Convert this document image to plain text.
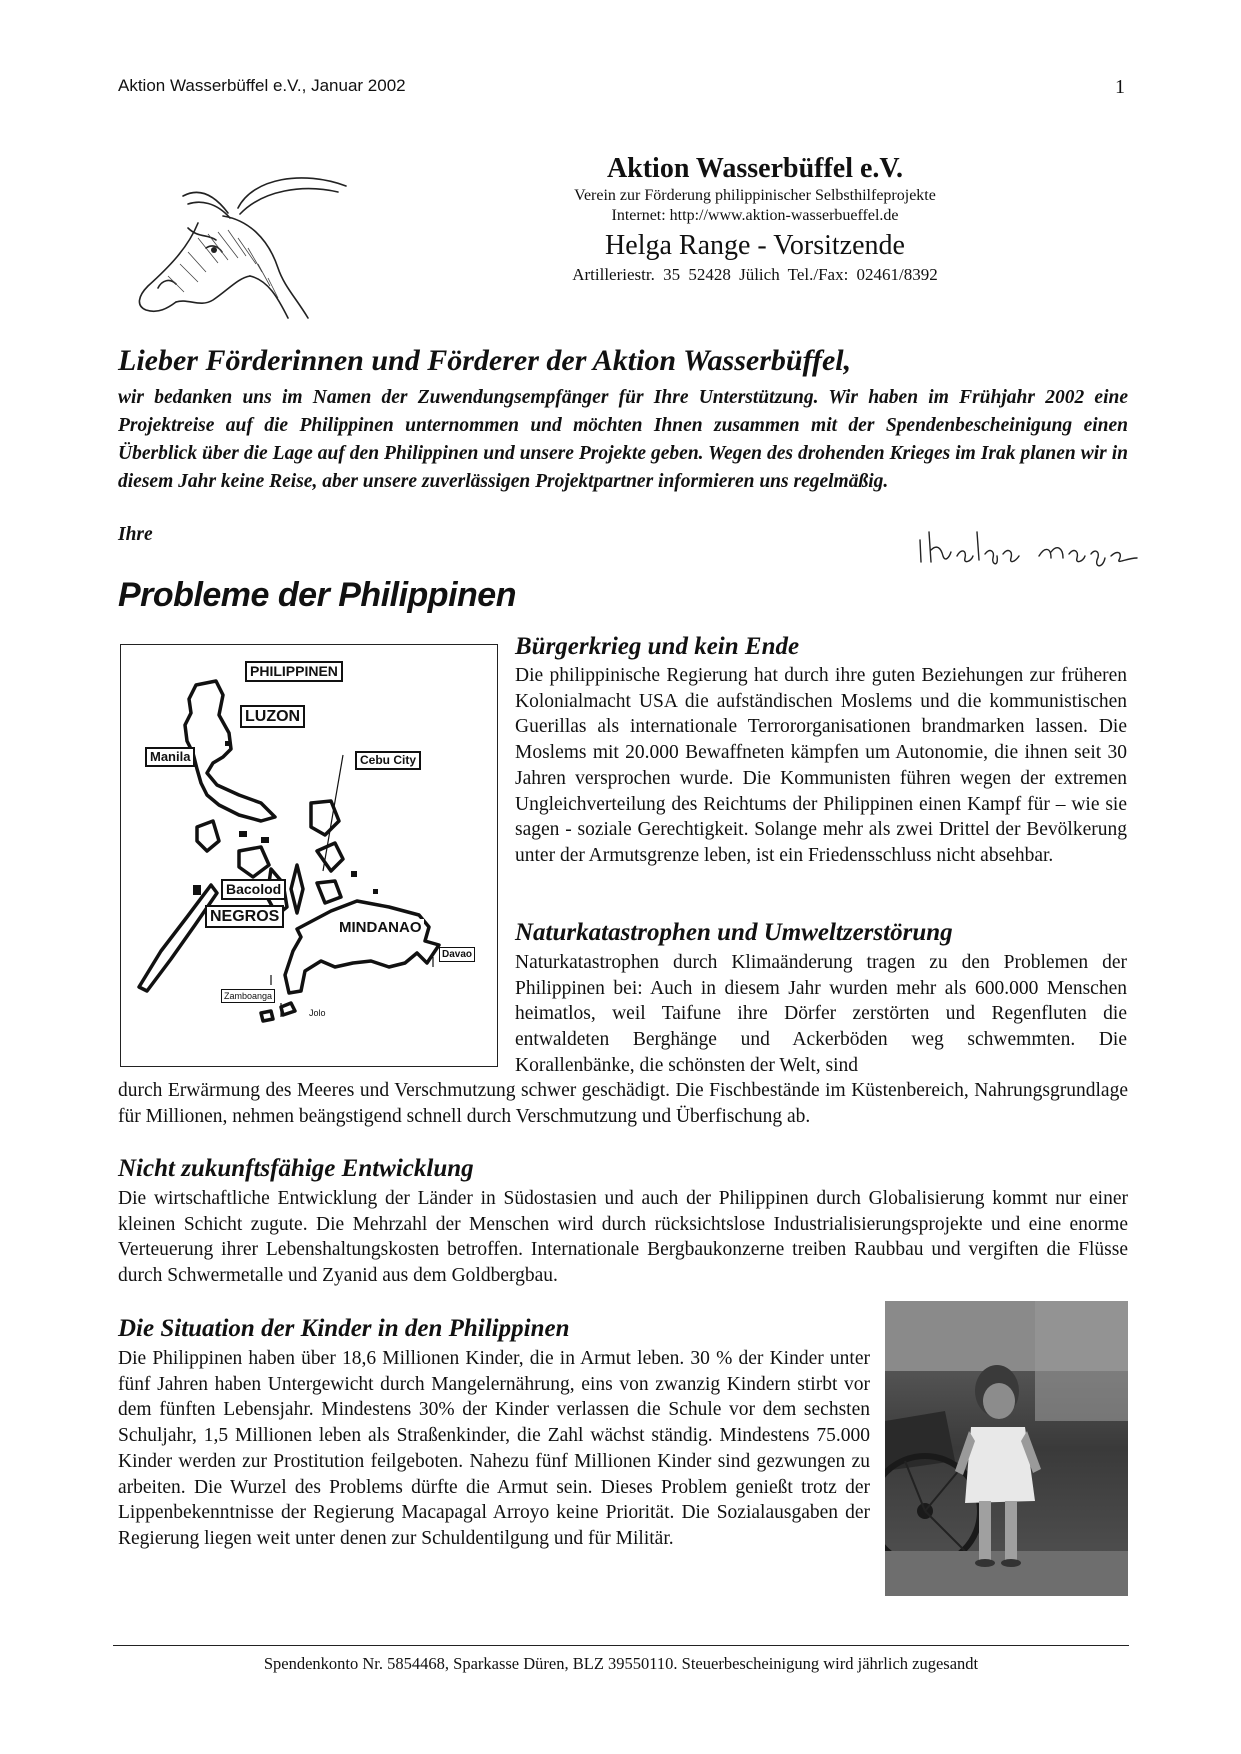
Aktion Wasserbüffel e.V., Januar 2002	1
Aktion Wasserbüffel e.V.
Verein zur Förderung philippinischer Selbsthilfeprojekte
Internet: http://www.aktion-wasserbueffel.de
Helga Range - Vorsitzende
Artilleriestr. 35 52428 Jülich Tel./Fax: 02461/8392
Lieber Förderinnen und Förderer der Aktion Wasserbüffel,
wir bedanken uns im Namen der Zuwendungsempfänger für Ihre Unterstützung. Wir haben im Frühjahr 2002 eine Projektreise auf die Philippinen unternommen und möchten Ihnen zusammen mit der Spendenbescheinigung einen Überblick über die Lage auf den Philippinen und unsere Projekte geben. Wegen des drohenden Krieges im Irak planen wir in diesem Jahr keine Reise, aber unsere zuverlässigen Projektpartner informieren uns regelmäßig.
Ihre
Probleme der Philippinen
PHILIPPINEN
LUZON
Manila	Cebu City
Bacolod
NEGROS
MINDANAO
Davao
Zamboanga
Jolo
Bürgerkrieg und kein Ende
Die philippinische Regierung hat durch ihre guten Beziehungen zur früheren Kolonialmacht USA die aufständischen Moslems und die kommunistischen Guerillas als internationale Terrororganisationen brandmarken lassen. Die Moslems mit 20.000 Bewaffneten kämpfen um Autonomie, die ihnen seit 30 Jahren versprochen wurde. Die Kommunisten führen wegen der extremen Ungleichverteilung des Reichtums der Philippinen einen Kampf für – wie sie sagen - soziale Gerechtigkeit. Solange mehr als zwei Drittel der Bevölkerung unter der Armutsgrenze leben, ist ein Friedensschluss nicht absehbar.
Naturkatastrophen und Umweltzerstörung
Naturkatastrophen durch Klimaänderung tragen zu den Problemen der Philippinen bei: Auch in diesem Jahr wurden mehr als 600.000 Menschen heimatlos, weil Taifune ihre Dörfer zerstörten und Regenfluten die entwaldeten Berghänge und Ackerböden weg schwemmten. Die Korallenbänke, die schönsten der Welt, sind
durch Erwärmung des Meeres und Verschmutzung schwer geschädigt. Die Fischbestände im Küstenbereich, Nahrungsgrundlage für Millionen, nehmen beängstigend schnell durch Verschmutzung und Überfischung ab.
Nicht zukunftsfähige Entwicklung
Die wirtschaftliche Entwicklung der Länder in Südostasien und auch der Philippinen durch Globalisierung kommt nur einer kleinen Schicht zugute. Die Mehrzahl der Menschen wird durch rücksichtslose Industrialisierungsprojekte und eine enorme Verteuerung ihrer Lebenshaltungskosten betroffen. Internationale Bergbaukonzerne treiben Raubbau und vergiften die Flüsse durch Schwermetalle und Zyanid aus dem Goldbergbau.
Die Situation der Kinder in den Philippinen
Die Philippinen haben über 18,6 Millionen Kinder, die in Armut leben. 30 % der Kinder unter fünf Jahren haben Untergewicht durch Mangelernährung, eins von zwanzig Kindern stirbt vor dem fünften Lebensjahr. Mindestens 30% der Kinder verlassen die Schule vor dem sechsten Schuljahr, 1,5 Millionen leben als Straßenkinder, die Zahl wächst ständig. Mindestens 75.000 Kinder werden zur Prostitution feilgeboten. Nahezu fünf Millionen Kinder sind gezwungen zu arbeiten. Die Wurzel des Problems dürfte die Armut sein. Dieses Problem genießt trotz der Lippenbekenntnisse der Regierung Macapagal Arroyo keine Priorität. Die Sozialausgaben der Regierung liegen weit unter denen zur Schuldentilgung und für Militär.
Spendenkonto Nr. 5854468, Sparkasse Düren, BLZ 39550110. Steuerbescheinigung wird jährlich zugesandt
